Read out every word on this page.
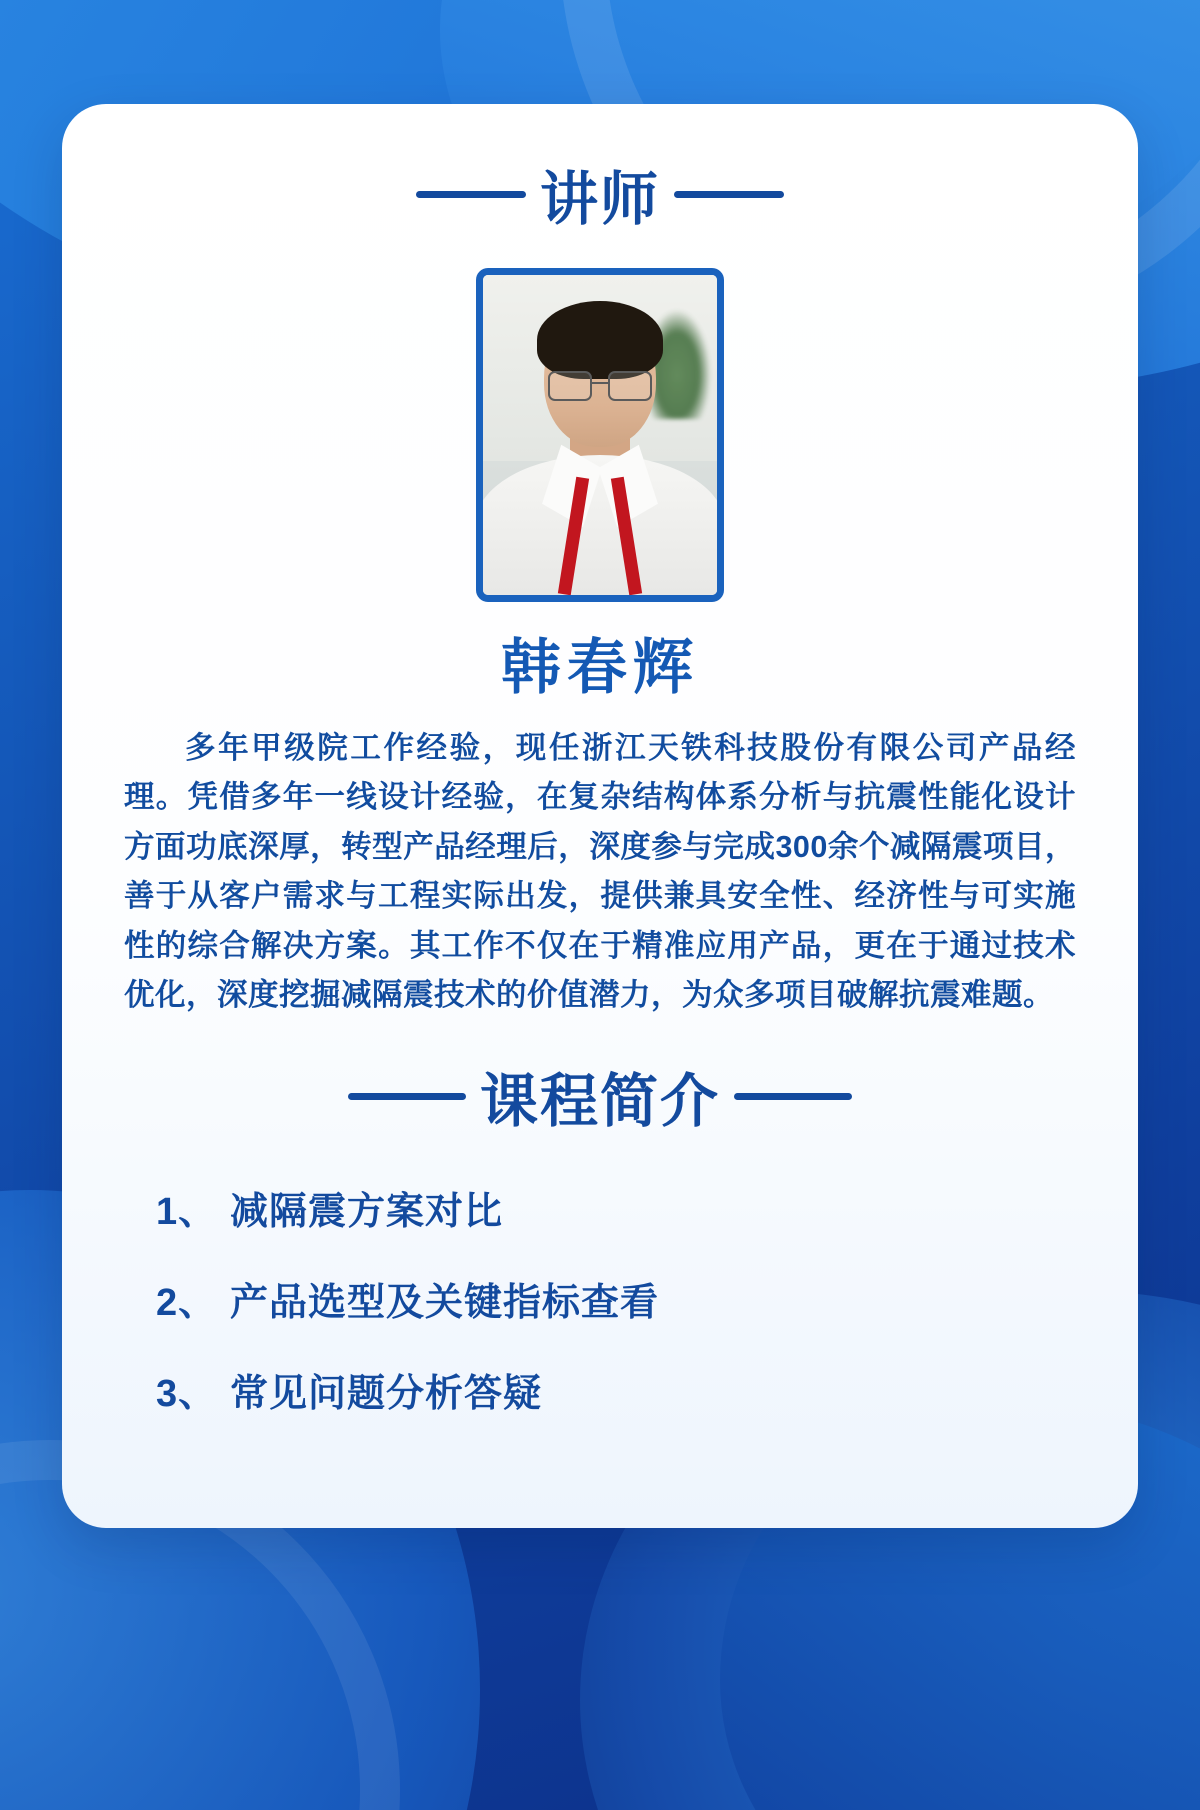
讲师
韩春辉

多年甲级院工作经验，现任浙江天铁科技股份有限公司产品经理。凭借多年一线设计经验，在复杂结构体系分析与抗震性能化设计方面功底深厚，转型产品经理后，深度参与完成300余个减隔震项目，善于从客户需求与工程实际出发，提供兼具安全性、经济性与可实施性的综合解决方案。其工作不仅在于精准应用产品，更在于通过技术优化，深度挖掘减隔震技术的价值潜力，为众多项目破解抗震难题。

课程简介
1、 减隔震方案对比
2、 产品选型及关键指标查看
3、 常见问题分析答疑
